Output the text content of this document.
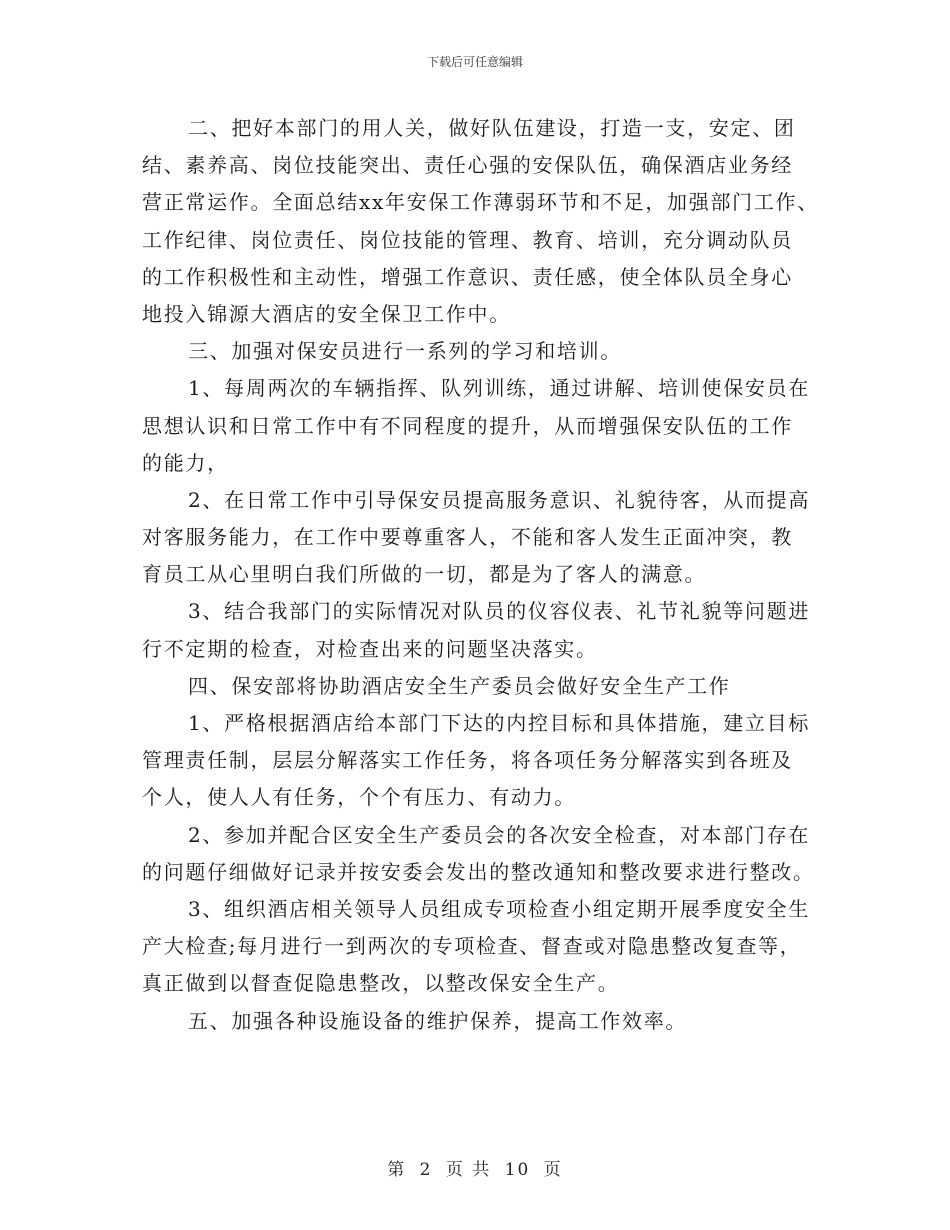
下载后可任意编辑
二、把好本部门的用人关，做好队伍建设，打造一支，安定、团
结、素养高、岗位技能突出、责任心强的安保队伍，确保酒店业务经
营正常运作。全面总结xx年安保工作薄弱环节和不足，加强部门工作、
工作纪律、岗位责任、岗位技能的管理、教育、培训，充分调动队员
的工作积极性和主动性，增强工作意识、责任感，使全体队员全身心
地投入锦源大酒店的安全保卫工作中。
三、加强对保安员进行一系列的学习和培训。
1、每周两次的车辆指挥、队列训练，通过讲解、培训使保安员在
思想认识和日常工作中有不同程度的提升，从而增强保安队伍的工作
的能力，
2、在日常工作中引导保安员提高服务意识、礼貌待客，从而提高
对客服务能力，在工作中要尊重客人，不能和客人发生正面冲突，教
育员工从心里明白我们所做的一切，都是为了客人的满意。
3、结合我部门的实际情况对队员的仪容仪表、礼节礼貌等问题进
行不定期的检查，对检查出来的问题坚决落实。
四、保安部将协助酒店安全生产委员会做好安全生产工作
1、严格根据酒店给本部门下达的内控目标和具体措施，建立目标
管理责任制，层层分解落实工作任务，将各项任务分解落实到各班及
个人，使人人有任务，个个有压力、有动力。
2、参加并配合区安全生产委员会的各次安全检查，对本部门存在
的问题仔细做好记录并按安委会发出的整改通知和整改要求进行整改。
3、组织酒店相关领导人员组成专项检查小组定期开展季度安全生
产大检查;每月进行一到两次的专项检查、督查或对隐患整改复查等，
真正做到以督查促隐患整改，以整改保安全生产。
五、加强各种设施设备的维护保养，提高工作效率。
第 2 页 共 10 页
